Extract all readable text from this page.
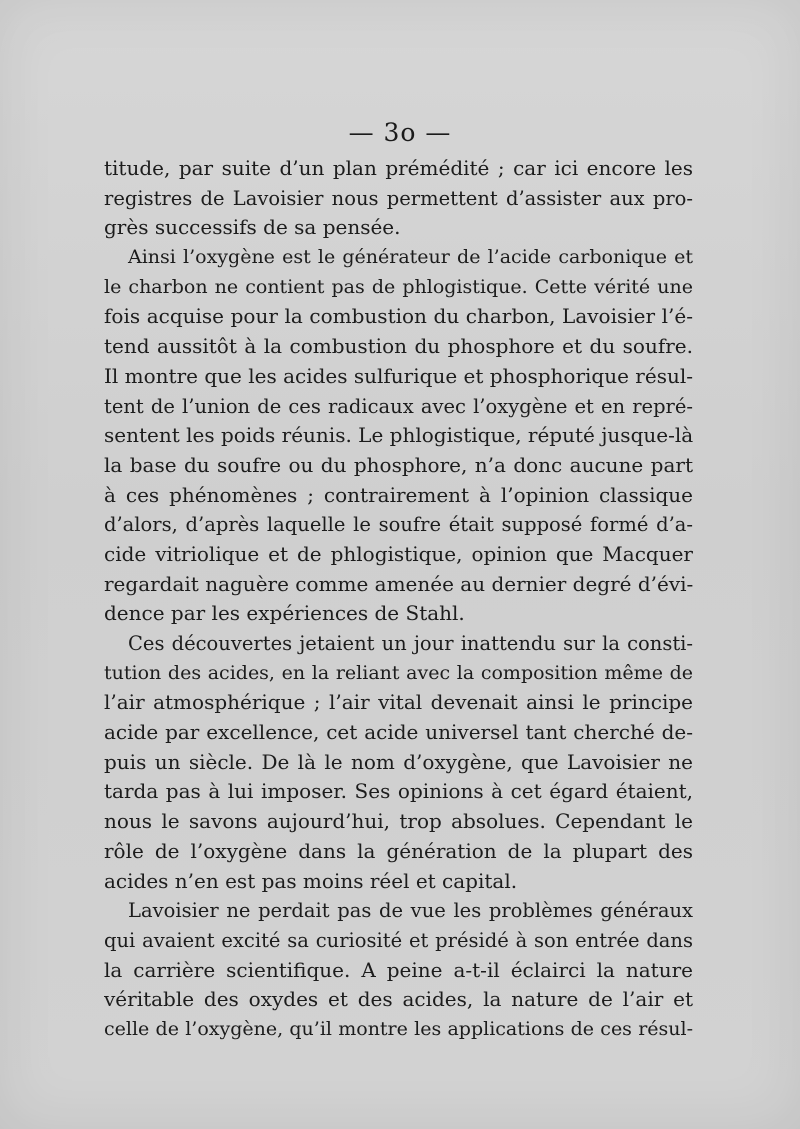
— 3o —
titude, par suite d’un plan prémédité ; car ici encore les
registres de Lavoisier nous permettent d’assister aux pro-
grès successifs de sa pensée.
Ainsi l’oxygène est le générateur de l’acide carbonique et
le charbon ne contient pas de phlogistique. Cette vérité une
fois acquise pour la combustion du charbon, Lavoisier l’é-
tend aussitôt à la combustion du phosphore et du soufre.
Il montre que les acides sulfurique et phosphorique résul-
tent de l’union de ces radicaux avec l’oxygène et en repré-
sentent les poids réunis. Le phlogistique, réputé jusque-là
la base du soufre ou du phosphore, n’a donc aucune part
à ces phénomènes ; contrairement à l’opinion classique
d’alors, d’après laquelle le soufre était supposé formé d’a-
cide vitriolique et de phlogistique, opinion que Macquer
regardait naguère comme amenée au dernier degré d’évi-
dence par les expériences de Stahl.
Ces découvertes jetaient un jour inattendu sur la consti-
tution des acides, en la reliant avec la composition même de
l’air atmosphérique ; l’air vital devenait ainsi le principe
acide par excellence, cet acide universel tant cherché de-
puis un siècle. De là le nom d’oxygène, que Lavoisier ne
tarda pas à lui imposer. Ses opinions à cet égard étaient,
nous le savons aujourd’hui, trop absolues. Cependant le
rôle de l’oxygène dans la génération de la plupart des
acides n’en est pas moins réel et capital.
Lavoisier ne perdait pas de vue les problèmes généraux
qui avaient excité sa curiosité et présidé à son entrée dans
la carrière scientifique. A peine a-t-il éclairci la nature
véritable des oxydes et des acides, la nature de l’air et
celle de l’oxygène, qu’il montre les applications de ces résul-
